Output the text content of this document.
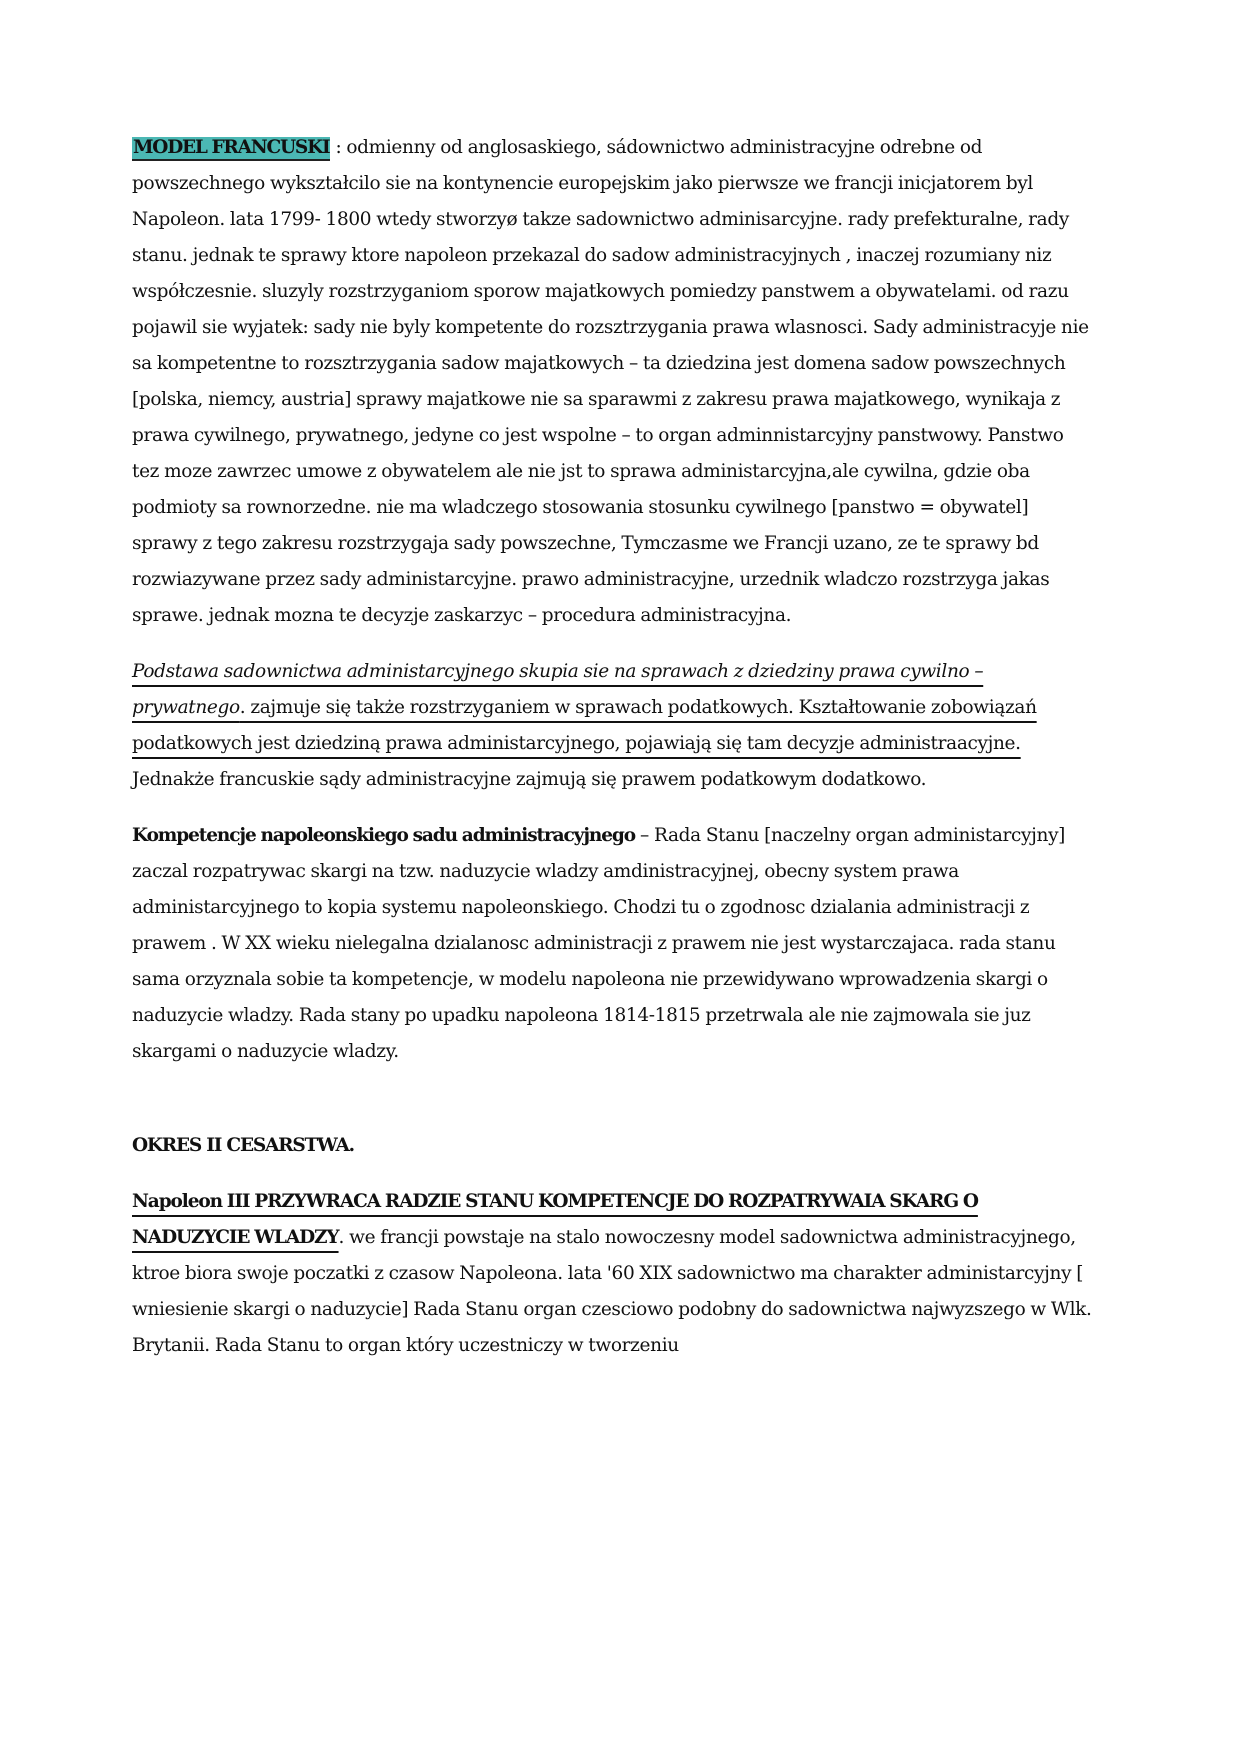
MODEL FRANCUSKI : odmienny od anglosaskiego, sádownictwo administracyjne odrebne od powszechnego wykształcilo sie na kontynencie europejskim jako pierwsze we francji inicjatorem byl Napoleon. lata 1799- 1800 wtedy stworzyø takze sadownictwo adminisarcyjne. rady prefekturalne, rady stanu. jednak te sprawy ktore napoleon przekazal do sadow administracyjnych , inaczej rozumiany niz współczesnie. sluzyly rozstrzyganiom sporow majatkowych pomiedzy panstwem a obywatelami. od razu pojawil sie wyjatek: sady nie byly kompetente do rozsztrzygania prawa wlasnosci. Sady administracyje nie sa kompetentne to rozsztrzygania sadow majatkowych – ta dziedzina jest domena sadow powszechnych [polska, niemcy, austria] sprawy majatkowe nie sa sparawmi z zakresu prawa majatkowego, wynikaja z prawa cywilnego, prywatnego, jedyne co jest wspolne – to organ adminnistarcyjny panstwowy. Panstwo tez moze zawrzec umowe z obywatelem ale nie jst to sprawa administarcyjna,ale cywilna, gdzie oba podmioty sa rownorzedne. nie ma wladczego stosowania stosunku cywilnego [panstwo = obywatel] sprawy z tego zakresu rozstrzygaja sady powszechne, Tymczasme we Francji uzano, ze te sprawy bd rozwiazywane przez sady administarcyjne. prawo administracyjne, urzednik wladczo rozstrzyga jakas sprawe. jednak mozna te decyzje zaskarzyc – procedura administracyjna.

Podstawa sadownictwa administarcyjnego skupia sie na sprawach z dziedziny prawa cywilno – prywatnego. zajmuje się także rozstrzyganiem w sprawach podatkowych. Kształtowanie zobowiązań podatkowych jest dziedziną prawa administarcyjnego, pojawiają się tam decyzje administraacyjne. Jednakże francuskie sądy administracyjne zajmują się prawem podatkowym dodatkowo.

Kompetencje napoleonskiego sadu administracyjnego – Rada Stanu [naczelny organ administarcyjny] zaczal rozpatrywac skargi na tzw. naduzycie wladzy amdinistracyjnej, obecny system prawa administarcyjnego to kopia systemu napoleonskiego. Chodzi tu o zgodnosc dzialania administracji z prawem . W XX wieku nielegalna dzialanosc administracji z prawem nie jest wystarczajaca. rada stanu sama orzyznala sobie ta kompetencje, w modelu napoleona nie przewidywano wprowadzenia skargi o naduzycie wladzy. Rada stany po upadku napoleona 1814-1815 przetrwala ale nie zajmowala sie juz skargami o naduzycie wladzy.

OKRES II CESARSTWA.

Napoleon III PRZYWRACA RADZIE STANU KOMPETENCJE DO ROZPATRYWAIA SKARG O NADUZYCIE WLADZY. we francji powstaje na stalo nowoczesny model sadownictwa administracyjnego, ktroe biora swoje poczatki z czasow Napoleona. lata '60 XIX sadownictwo ma charakter administarcyjny [ wniesienie skargi o naduzycie] Rada Stanu organ czesciowo podobny do sadownictwa najwyzszego w Wlk. Brytanii. Rada Stanu to organ który uczestniczy w tworzeniu
